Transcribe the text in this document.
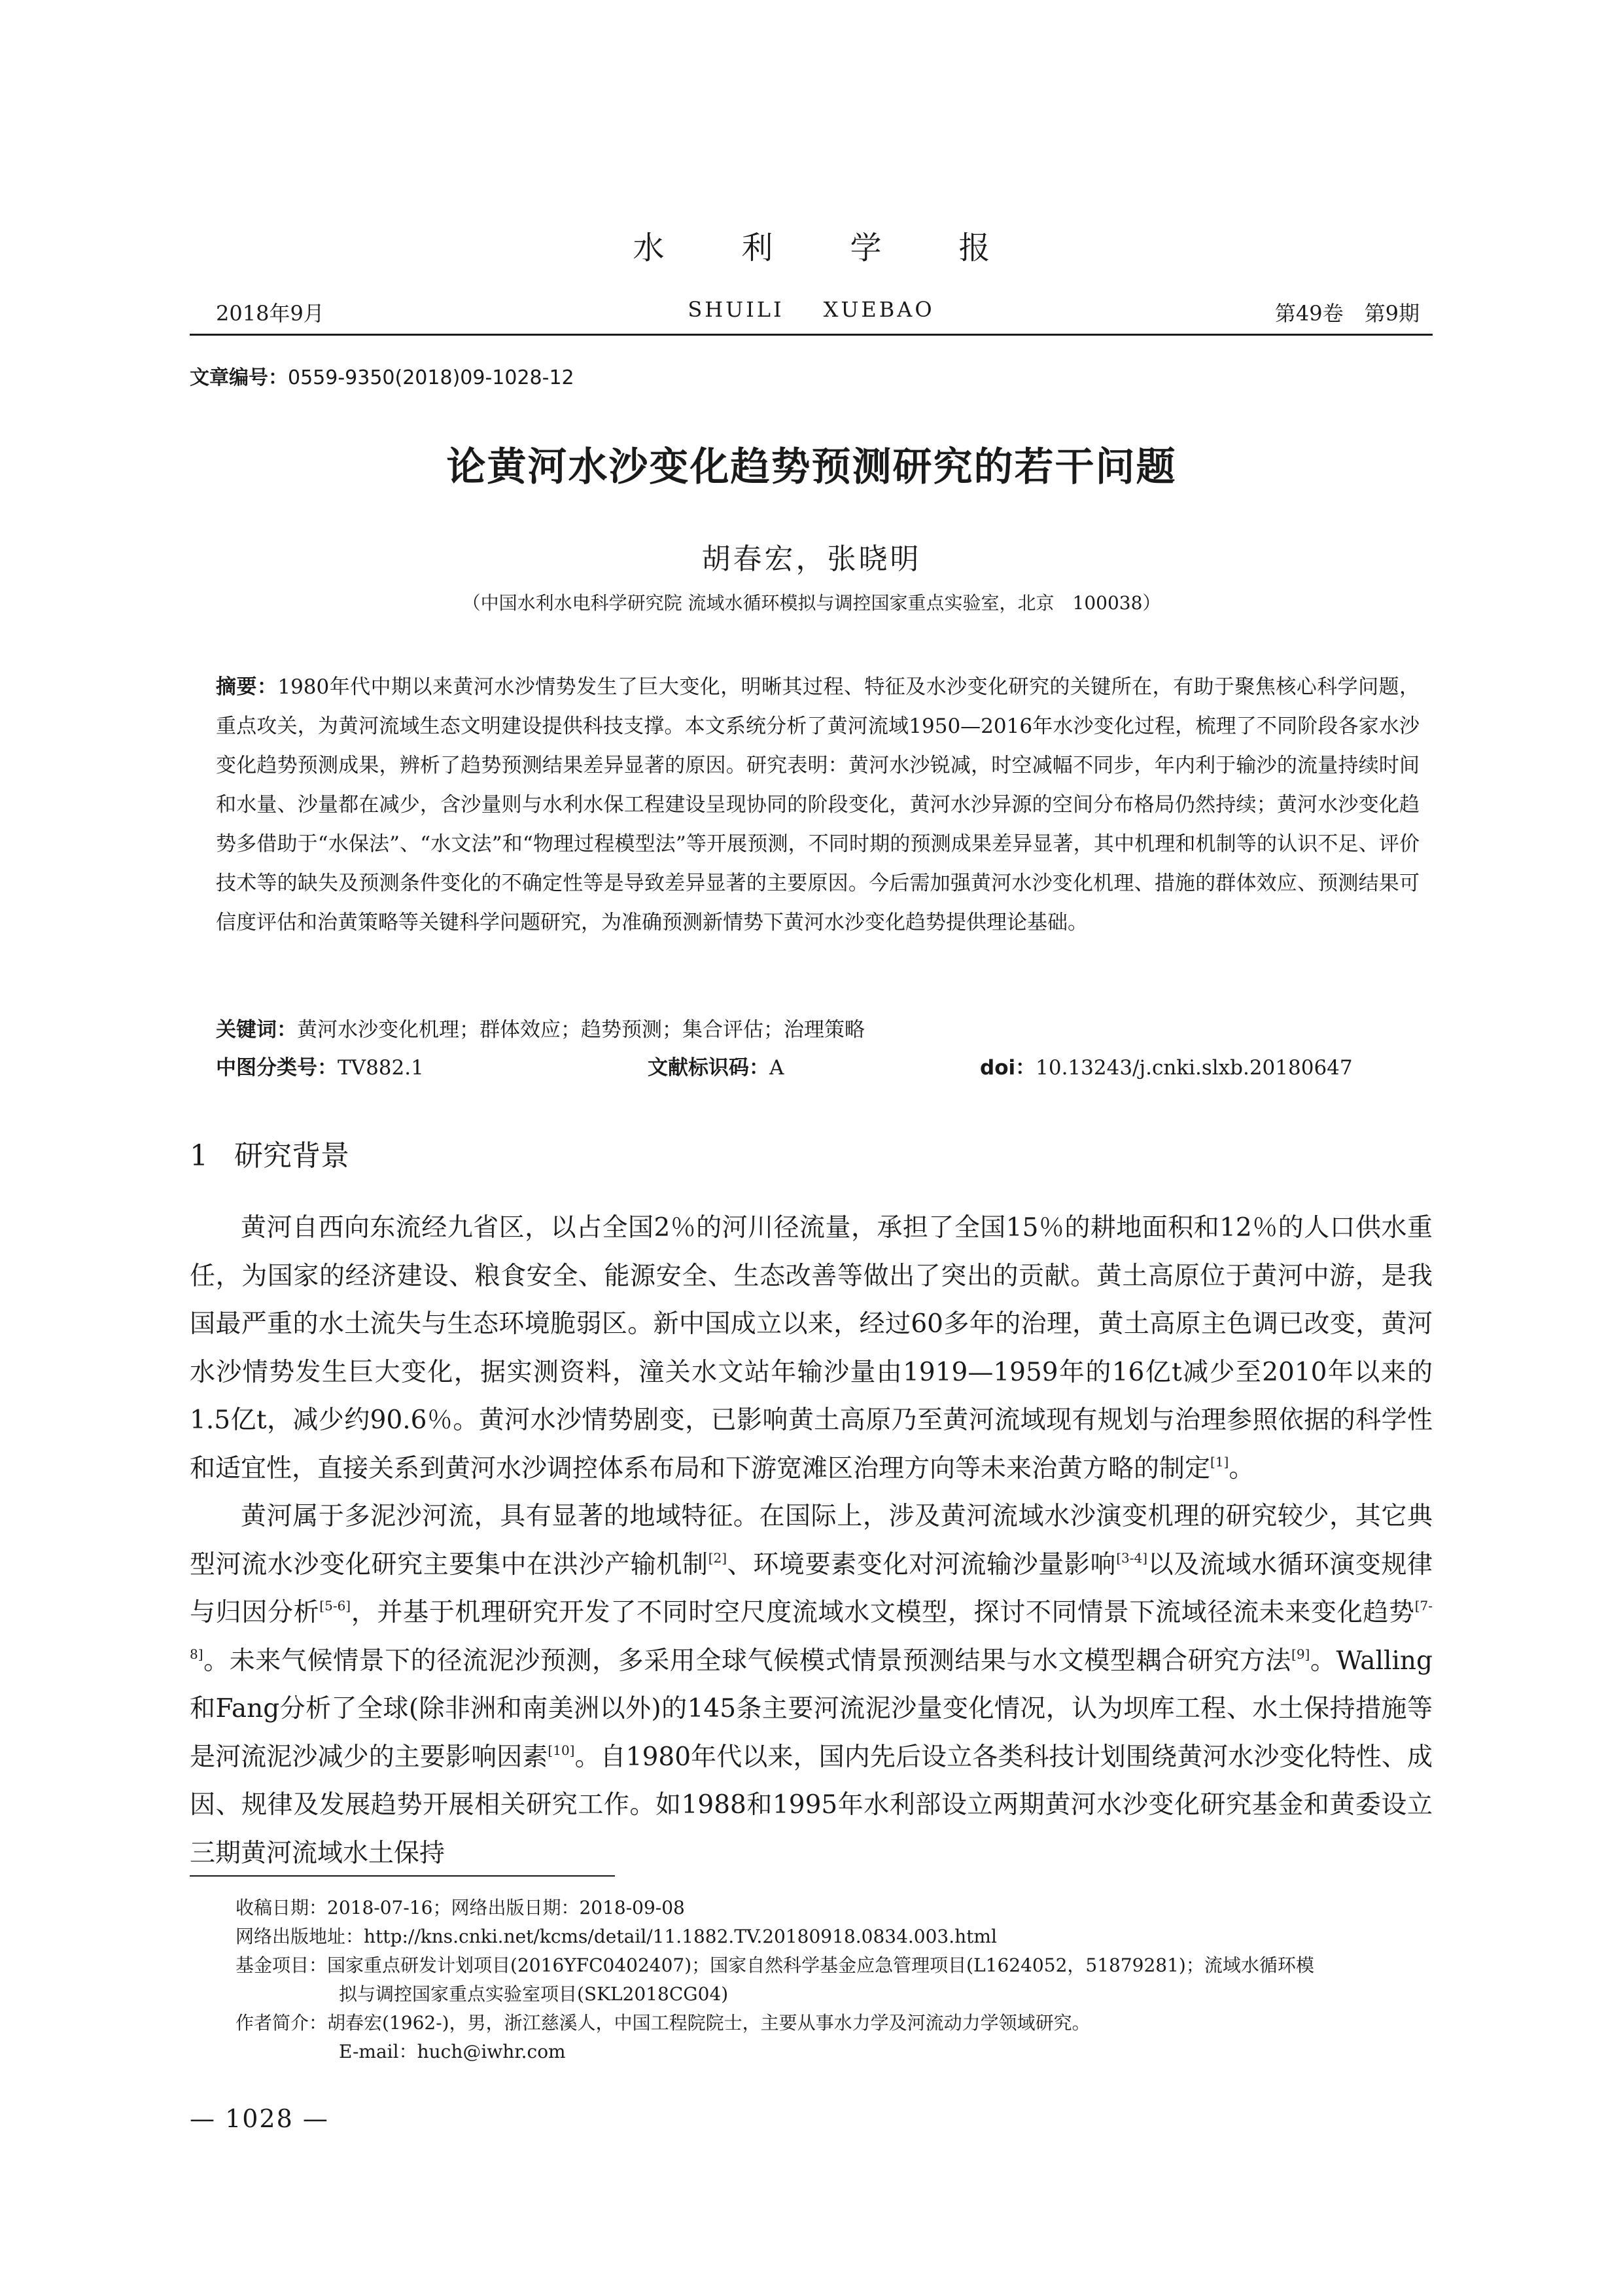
水利学报
2018年9月	SHUILI XUEBAO	第49卷　第9期
文章编号：0559-9350(2018)09-1028-12
论黄河水沙变化趋势预测研究的若干问题
胡春宏，张晓明
（中国水利水电科学研究院 流域水循环模拟与调控国家重点实验室，北京　100038）
摘要：1980年代中期以来黄河水沙情势发生了巨大变化，明晰其过程、特征及水沙变化研究的关键所在，有助于聚焦核心科学问题，重点攻关，为黄河流域生态文明建设提供科技支撑。本文系统分析了黄河流域1950—2016年水沙变化过程，梳理了不同阶段各家水沙变化趋势预测成果，辨析了趋势预测结果差异显著的原因。研究表明：黄河水沙锐减，时空减幅不同步，年内利于输沙的流量持续时间和水量、沙量都在减少，含沙量则与水利水保工程建设呈现协同的阶段变化，黄河水沙异源的空间分布格局仍然持续；黄河水沙变化趋势多借助于“水保法”、“水文法”和“物理过程模型法”等开展预测，不同时期的预测成果差异显著，其中机理和机制等的认识不足、评价技术等的缺失及预测条件变化的不确定性等是导致差异显著的主要原因。今后需加强黄河水沙变化机理、措施的群体效应、预测结果可信度评估和治黄策略等关键科学问题研究，为准确预测新情势下黄河水沙变化趋势提供理论基础。
关键词：黄河水沙变化机理；群体效应；趋势预测；集合评估；治理策略
中图分类号：TV882.1	文献标识码：A	doi：10.13243/j.cnki.slxb.20180647
1 研究背景

黄河自西向东流经九省区，以占全国2％的河川径流量，承担了全国15％的耕地面积和12％的人口供水重任，为国家的经济建设、粮食安全、能源安全、生态改善等做出了突出的贡献。黄土高原位于黄河中游，是我国最严重的水土流失与生态环境脆弱区。新中国成立以来，经过60多年的治理，黄土高原主色调已改变，黄河水沙情势发生巨大变化，据实测资料，潼关水文站年输沙量由1919—1959年的16亿t减少至2010年以来的1.5亿t，减少约90.6％。黄河水沙情势剧变，已影响黄土高原乃至黄河流域现有规划与治理参照依据的科学性和适宜性，直接关系到黄河水沙调控体系布局和下游宽滩区治理方向等未来治黄方略的制定[1]。

黄河属于多泥沙河流，具有显著的地域特征。在国际上，涉及黄河流域水沙演变机理的研究较少，其它典型河流水沙变化研究主要集中在洪沙产输机制[2]、环境要素变化对河流输沙量影响[3-4]以及流域水循环演变规律与归因分析[5-6]，并基于机理研究开发了不同时空尺度流域水文模型，探讨不同情景下流域径流未来变化趋势[7-8]。未来气候情景下的径流泥沙预测，多采用全球气候模式情景预测结果与水文模型耦合研究方法[9]。Walling和Fang分析了全球(除非洲和南美洲以外)的145条主要河流泥沙量变化情况，认为坝库工程、水土保持措施等是河流泥沙减少的主要影响因素[10]。自1980年代以来，国内先后设立各类科技计划围绕黄河水沙变化特性、成因、规律及发展趋势开展相关研究工作。如1988和1995年水利部设立两期黄河水沙变化研究基金和黄委设立三期黄河流域水土保持

收稿日期：2018-07-16；网络出版日期：2018-09-08
网络出版地址：http://kns.cnki.net/kcms/detail/11.1882.TV.20180918.0834.003.html
基金项目：国家重点研发计划项目(2016YFC0402407)；国家自然科学基金应急管理项目(L1624052，51879281)；流域水循环模
拟与调控国家重点实验室项目(SKL2018CG04)
作者简介：胡春宏(1962-)，男，浙江慈溪人，中国工程院院士，主要从事水力学及河流动力学领域研究。
E-mail：huch@iwhr.com
— 1028 —
